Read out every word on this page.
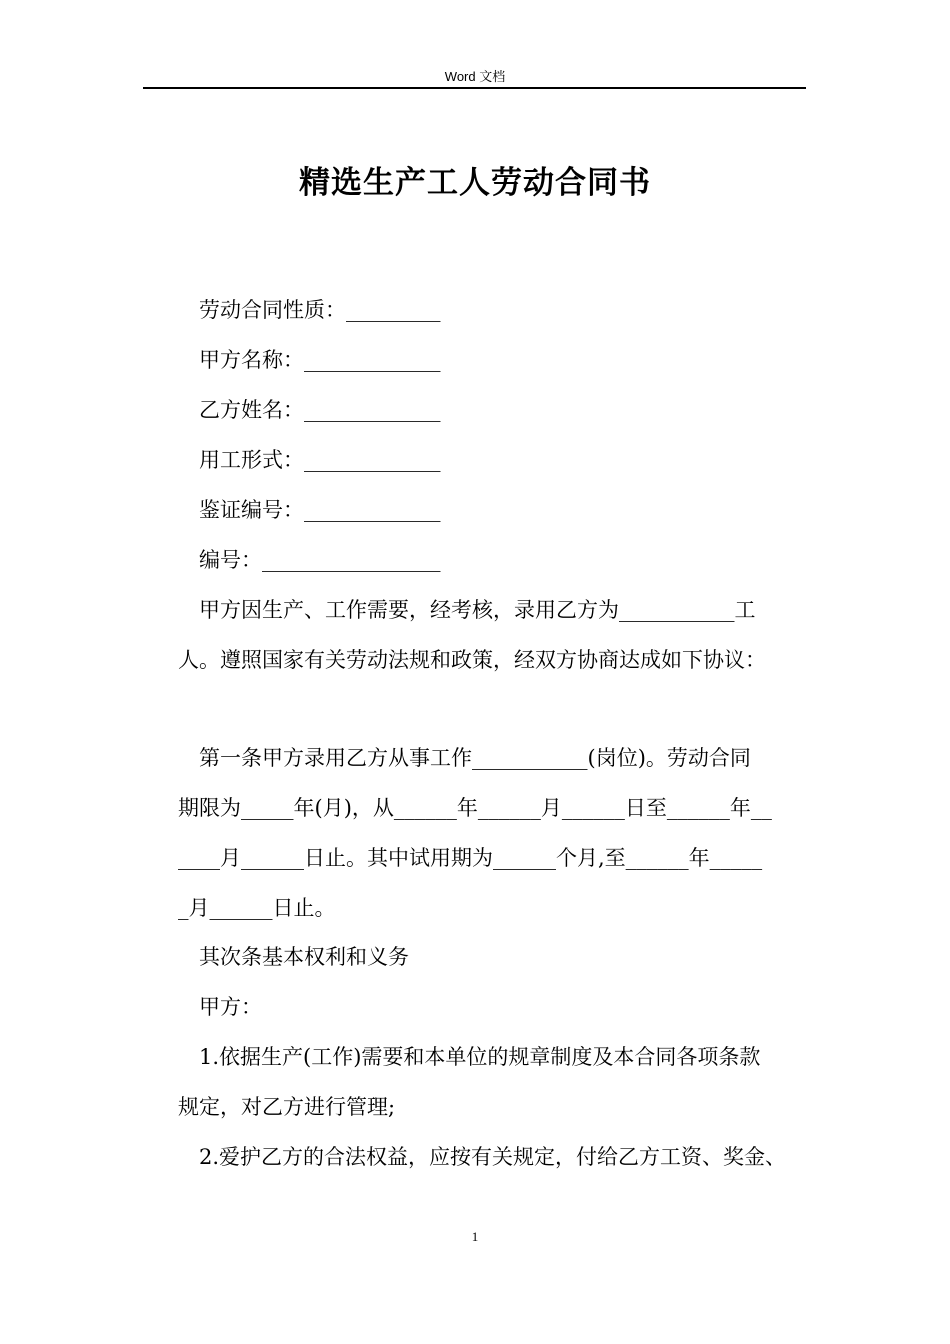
Word 文档
精选生产工人劳动合同书
劳动合同性质：_________
甲方名称：_____________
乙方姓名：_____________
用工形式：_____________
鉴证编号：_____________
编号：_________________
甲方因生产、工作需要，经考核，录用乙方为___________工
人。遵照国家有关劳动法规和政策，经双方协商达成如下协议：
第一条甲方录用乙方从事工作___________(岗位)。劳动合同
期限为_____年(月)，从______年______月______日至______年__
____月______日止。其中试用期为______个月,至______年_____
_月______日止。
其次条基本权利和义务
甲方：
1.依据生产(工作)需要和本单位的规章制度及本合同各项条款
规定，对乙方进行管理;
2.爱护乙方的合法权益，应按有关规定，付给乙方工资、奖金、
1
